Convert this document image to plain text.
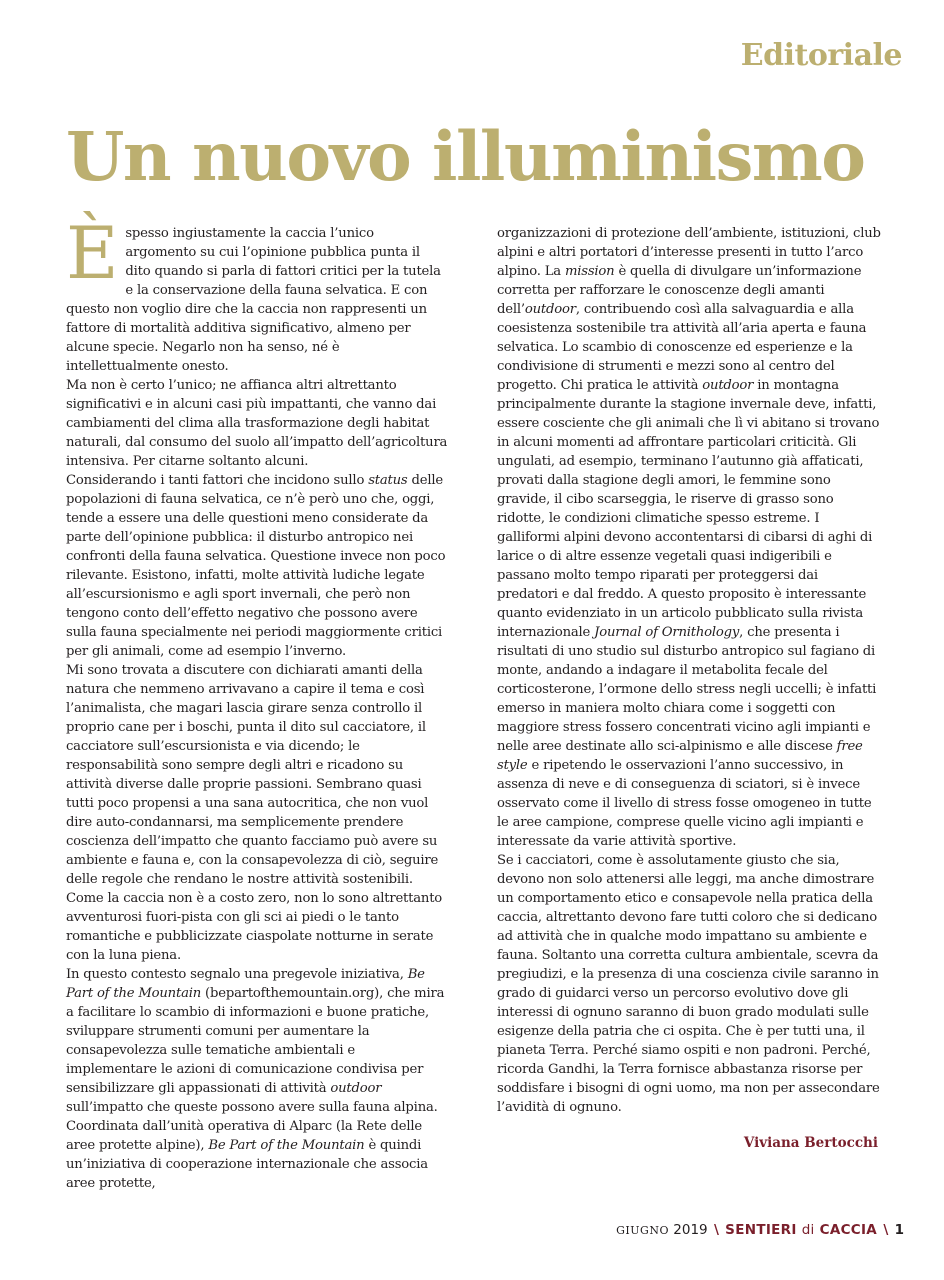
Editoriale
Un nuovo illuminismo
È spesso ingiustamente la caccia l’unico argomento su cui l’opinione pubblica punta il dito quando si parla di fattori critici per la tutela e la conservazione della fauna selvatica. E con questo non voglio dire che la caccia non rappresenti un fattore di mortalità additiva significativo, almeno per alcune specie. Negarlo non ha senso, né è intellettualmente onesto.

Ma non è certo l’unico; ne affianca altri altrettanto significativi e in alcuni casi più impattanti, che vanno dai cambiamenti del clima alla trasformazione degli habitat naturali, dal consumo del suolo all’impatto dell’agricoltura intensiva. Per citarne soltanto alcuni.

Considerando i tanti fattori che incidono sullo status delle popolazioni di fauna selvatica, ce n’è però uno che, oggi, tende a essere una delle questioni meno considerate da parte dell’opinione pubblica: il disturbo antropico nei confronti della fauna selvatica. Questione invece non poco rilevante. Esistono, infatti, molte attività ludiche legate all’escursionismo e agli sport invernali, che però non tengono conto dell’effetto negativo che possono avere sulla fauna specialmente nei periodi maggiormente critici per gli animali, come ad esempio l’inverno.

Mi sono trovata a discutere con dichiarati amanti della natura che nemmeno arrivavano a capire il tema e così l’animalista, che magari lascia girare senza controllo il proprio cane per i boschi, punta il dito sul cacciatore, il cacciatore sull’escursionista e via dicendo; le responsabilità sono sempre degli altri e ricadono su attività diverse dalle proprie passioni. Sembrano quasi tutti poco propensi a una sana autocritica, che non vuol dire auto-condannarsi, ma semplicemente prendere coscienza dell’impatto che quanto facciamo può avere su ambiente e fauna e, con la consapevolezza di ciò, seguire delle regole che rendano le nostre attività sostenibili.

Come la caccia non è a costo zero, non lo sono altrettanto avventurosi fuori-pista con gli sci ai piedi o le tanto romantiche e pubblicizzate ciaspolate notturne in serate con la luna piena.

In questo contesto segnalo una pregevole iniziativa, Be Part of the Mountain (bepartofthemountain.org), che mira a facilitare lo scambio di informazioni e buone pratiche, sviluppare strumenti comuni per aumentare la consapevolezza sulle tematiche ambientali e implementare le azioni di comunicazione condivisa per sensibilizzare gli appassionati di attività outdoor sull’impatto che queste possono avere sulla fauna alpina. Coordinata dall’unità operativa di Alparc (la Rete delle aree protette alpine), Be Part of the Mountain è quindi un’iniziativa di cooperazione internazionale che associa aree protette,

organizzazioni di protezione dell’ambiente, istituzioni, club alpini e altri portatori d’interesse presenti in tutto l’arco alpino. La mission è quella di divulgare un’informazione corretta per rafforzare le conoscenze degli amanti dell’outdoor, contribuendo così alla salvaguardia e alla coesistenza sostenibile tra attività all’aria aperta e fauna selvatica. Lo scambio di conoscenze ed esperienze e la condivisione di strumenti e mezzi sono al centro del progetto. Chi pratica le attività outdoor in montagna principalmente durante la stagione invernale deve, infatti, essere cosciente che gli animali che lì vi abitano si trovano in alcuni momenti ad affrontare particolari criticità. Gli ungulati, ad esempio, terminano l’autunno già affaticati, provati dalla stagione degli amori, le femmine sono gravide, il cibo scarseggia, le riserve di grasso sono ridotte, le condizioni climatiche spesso estreme. I galliformi alpini devono accontentarsi di cibarsi di aghi di larice o di altre essenze vegetali quasi indigeribili e passano molto tempo riparati per proteggersi dai predatori e dal freddo. A questo proposito è interessante quanto evidenziato in un articolo pubblicato sulla rivista internazionale Journal of Ornithology, che presenta i risultati di uno studio sul disturbo antropico sul fagiano di monte, andando a indagare il metabolita fecale del corticosterone, l’ormone dello stress negli uccelli; è infatti emerso in maniera molto chiara come i soggetti con maggiore stress fossero concentrati vicino agli impianti e nelle aree destinate allo sci-alpinismo e alle discese free style e ripetendo le osservazioni l’anno successivo, in assenza di neve e di conseguenza di sciatori, si è invece osservato come il livello di stress fosse omogeneo in tutte le aree campione, comprese quelle vicino agli impianti e interessate da varie attività sportive.

Se i cacciatori, come è assolutamente giusto che sia, devono non solo attenersi alle leggi, ma anche dimostrare un comportamento etico e consapevole nella pratica della caccia, altrettanto devono fare tutti coloro che si dedicano ad attività che in qualche modo impattano su ambiente e fauna. Soltanto una corretta cultura ambientale, scevra da pregiudizi, e la presenza di una coscienza civile saranno in grado di guidarci verso un percorso evolutivo dove gli interessi di ognuno saranno di buon grado modulati sulle esigenze della patria che ci ospita. Che è per tutti una, il pianeta Terra. Perché siamo ospiti e non padroni. Perché, ricorda Gandhi, la Terra fornisce abbastanza risorse per soddisfare i bisogni di ogni uomo, ma non per assecondare l’avidità di ognuno.

Viviana Bertocchi
GIUGNO 2019 \ SENTIERI di CACCIA \ 1
